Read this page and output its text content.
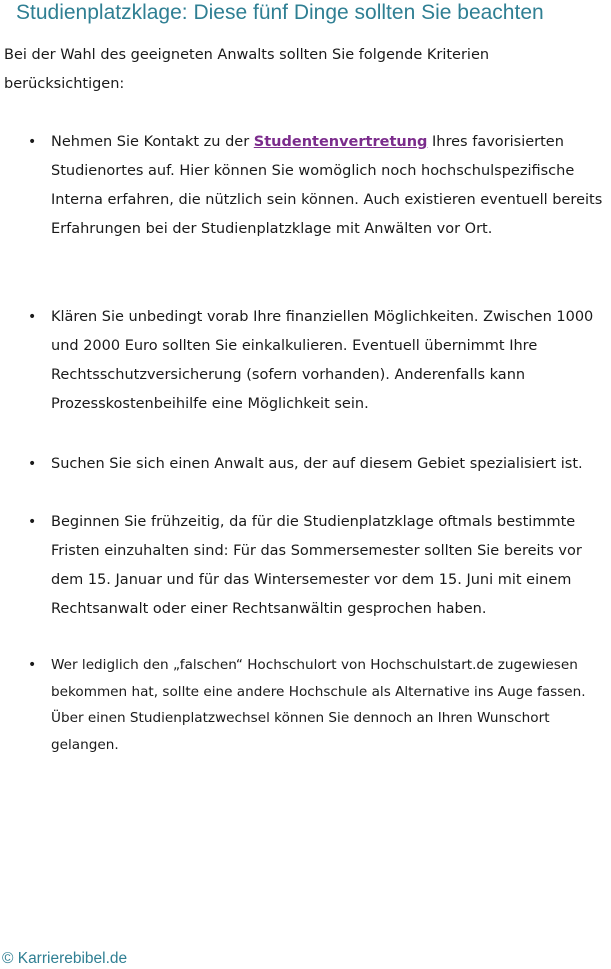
Studienplatzklage: Diese fünf Dinge sollten Sie beachten

Bei der Wahl des geeigneten Anwalts sollten Sie folgende Kriterien berücksichtigen:

• Nehmen Sie Kontakt zu der Studentenvertretung Ihres favorisierten Studienortes auf. Hier können Sie womöglich noch hochschulspezifische Interna erfahren, die nützlich sein können. Auch existieren eventuell bereits Erfahrungen bei der Studienplatzklage mit Anwälten vor Ort.
• Klären Sie unbedingt vorab Ihre finanziellen Möglichkeiten. Zwischen 1000 und 2000 Euro sollten Sie einkalkulieren. Eventuell übernimmt Ihre Rechtsschutzversicherung (sofern vorhanden). Anderenfalls kann Prozesskostenbeihilfe eine Möglichkeit sein.
• Suchen Sie sich einen Anwalt aus, der auf diesem Gebiet spezialisiert ist.
• Beginnen Sie frühzeitig, da für die Studienplatzklage oftmals bestimmte Fristen einzuhalten sind: Für das Sommersemester sollten Sie bereits vor dem 15. Januar und für das Wintersemester vor dem 15. Juni mit einem Rechtsanwalt oder einer Rechtsanwältin gesprochen haben.
• Wer lediglich den „falschen“ Hochschulort von Hochschulstart.de zugewiesen bekommen hat, sollte eine andere Hochschule als Alternative ins Auge fassen. Über einen Studienplatzwechsel können Sie dennoch an Ihren Wunschort gelangen.

© Karrierebibel.de
